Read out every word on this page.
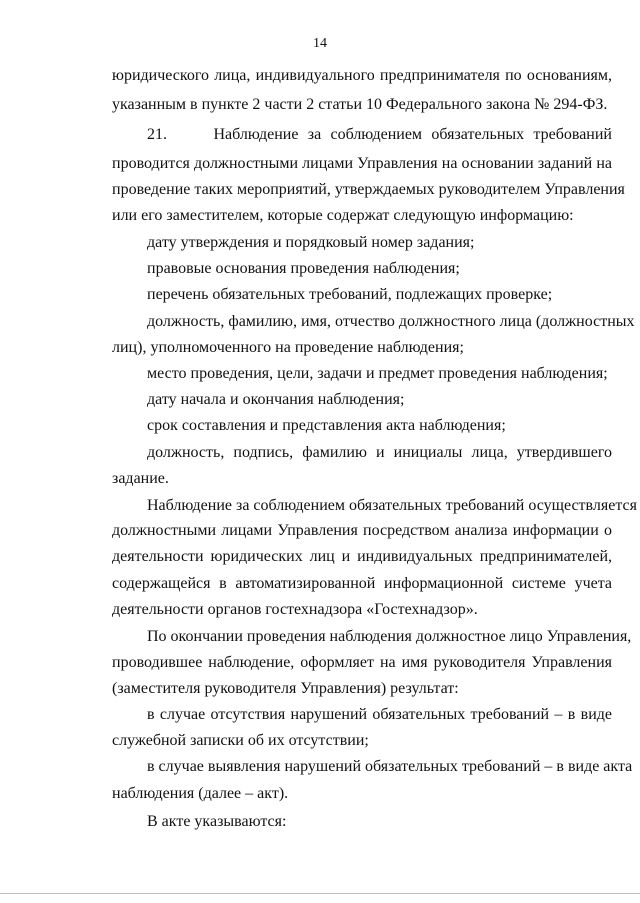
14
юридического лица, индивидуального предпринимателя по основаниям,
указанным в пункте 2 части 2 статьи 10 Федерального закона № 294-ФЗ.
21.     Наблюдение за соблюдением обязательных требований
проводится должностными лицами Управления на основании заданий на
проведение таких мероприятий, утверждаемых руководителем Управления
или его заместителем, которые содержат следующую информацию:
дату утверждения и порядковый номер задания;
правовые основания проведения наблюдения;
перечень обязательных требований, подлежащих проверке;
должность, фамилию, имя, отчество должностного лица (должностных
лиц), уполномоченного на проведение наблюдения;
место проведения, цели, задачи и предмет проведения наблюдения;
дату начала и окончания наблюдения;
срок составления и представления акта наблюдения;
должность, подпись, фамилию и инициалы лица, утвердившего
задание.
Наблюдение за соблюдением обязательных требований осуществляется
должностными лицами Управления посредством анализа информации о
деятельности юридических лиц и индивидуальных предпринимателей,
содержащейся в автоматизированной информационной системе учета
деятельности органов гостехнадзора «Гостехнадзор».
По окончании проведения наблюдения должностное лицо Управления,
проводившее наблюдение, оформляет на имя руководителя Управления
(заместителя руководителя Управления) результат:
в случае отсутствия нарушений обязательных требований – в виде
служебной записки об их отсутствии;
в случае выявления нарушений обязательных требований – в виде акта
наблюдения (далее – акт).
В акте указываются:
